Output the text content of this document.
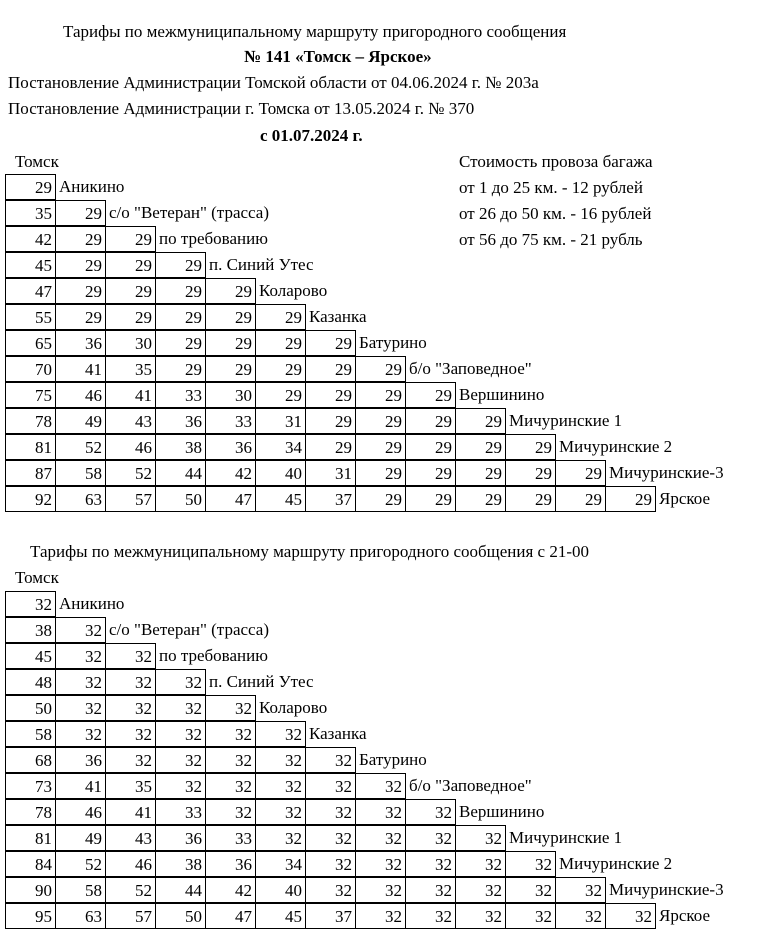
Тарифы по межмуниципальному маршруту пригородного сообщения
№ 141 «Томск – Ярское»
Постановление Администрации Томской области от 04.06.2024 г. № 203а
Постановление Администрации г. Томска от 13.05.2024 г. № 370
с 01.07.2024 г.
Томск	Стоимость провоза багажа
от 1 до 25 км. - 12 рублей
от 26 до 50 км. - 16 рублей
от 56 до 75 км. - 21 рубль
29 Аникино
35	29 с/о "Ветеран" (трасса)
42	29	29 по требованию
45	29	29	29 п. Синий Утес
47	29	29	29	29 Коларово
55	29	29	29	29	29 Казанка
65	36	30	29	29	29	29 Батурино
70	41	35	29	29	29	29	29 б/о "Заповедное"
75	46	41	33	30	29	29	29	29 Вершинино
78	49	43	36	33	31	29	29	29	29 Мичуринские 1
81	52	46	38	36	34	29	29	29	29	29 Мичуринские 2
87	58	52	44	42	40	31	29	29	29	29	29 Мичуринские-3
92	63	57	50	47	45	37	29	29	29	29	29	29 Ярское
Тарифы по межмуниципальному маршруту пригородного сообщения с 21-00
Томск
32 Аникино
38	32 с/о "Ветеран" (трасса)
45	32	32 по требованию
48	32	32	32 п. Синий Утес
50	32	32	32	32 Коларово
58	32	32	32	32	32 Казанка
68	36	32	32	32	32	32 Батурино
73	41	35	32	32	32	32	32 б/о "Заповедное"
78	46	41	33	32	32	32	32	32 Вершинино
81	49	43	36	33	32	32	32	32	32 Мичуринские 1
84	52	46	38	36	34	32	32	32	32	32 Мичуринские 2
90	58	52	44	42	40	32	32	32	32	32	32 Мичуринские-3
95	63	57	50	47	45	37	32	32	32	32	32	32 Ярское
